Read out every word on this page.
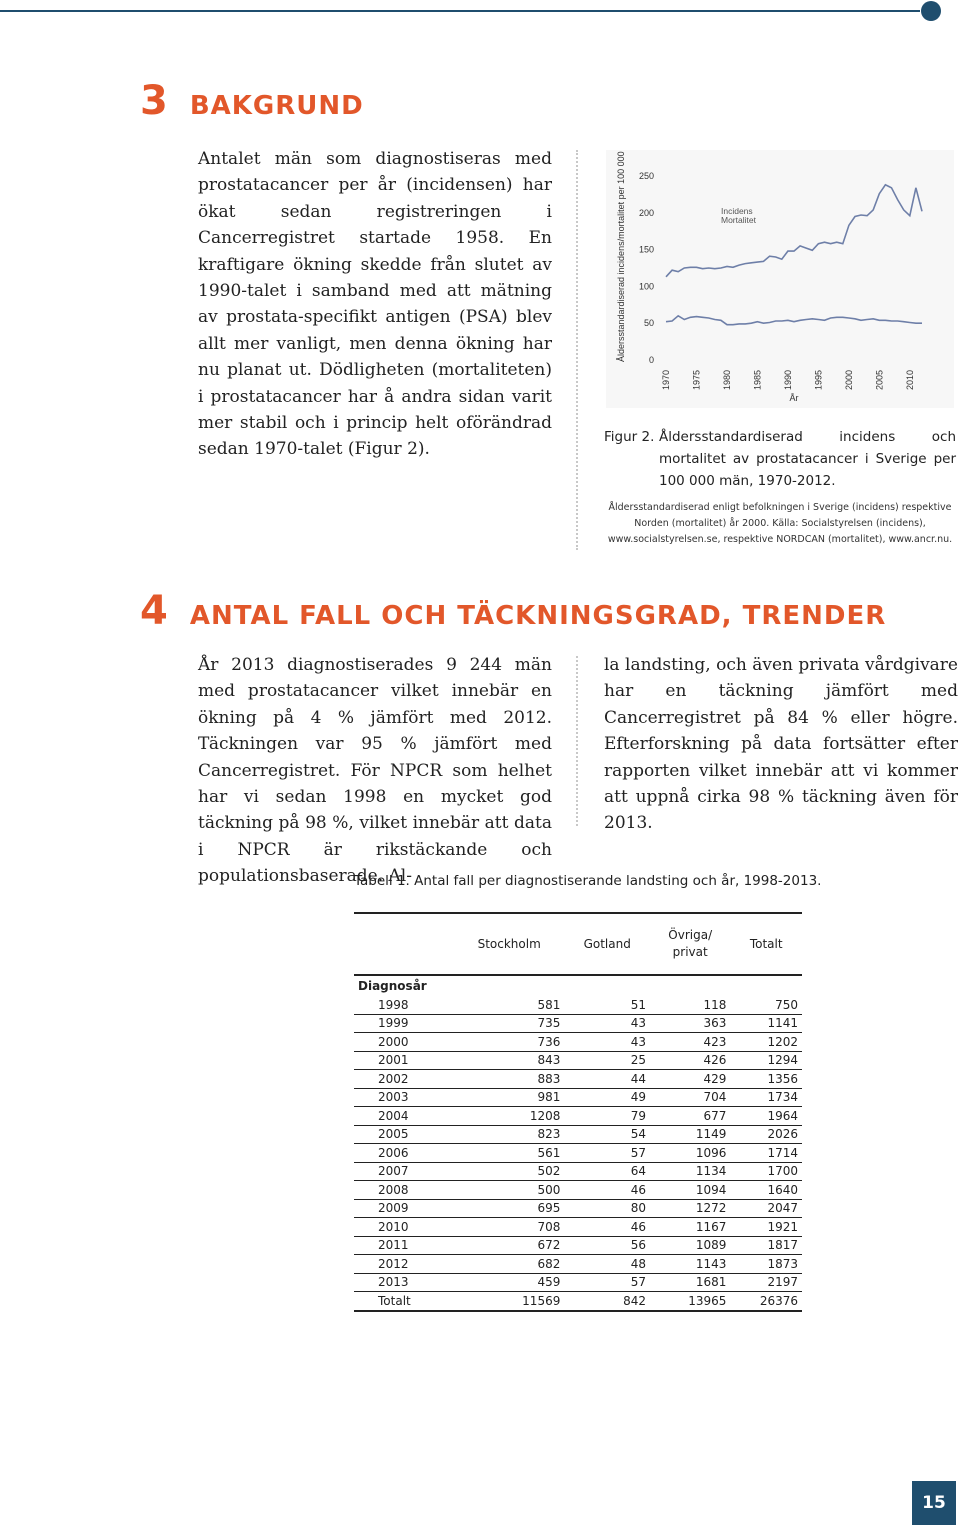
3 BAKGRUND
Antalet män som diagnostiseras med prostatacancer per år (incidensen) har ökat sedan registreringen i Cancerregistret startade 1958. En kraftigare ökning skedde från slutet av 1990-talet i samband med att mätning av prostata-specifikt antigen (PSA) blev allt mer vanligt, men denna ökning har nu planat ut. Dödligheten (mortaliteten) i prostatacancer har å andra sidan varit mer stabil och i princip helt oförändrad sedan 1970-talet (Figur 2).
Åldersstandardiserad incidens/mortalitet per 100 000 män	0
50
100
150
200
250
1970 1975 1980 1985 1990 1995 2000 2005 2010
År
Incidens
Mortalitet
Figur 2. Åldersstandardiserad incidens och mortalitet av prostatacancer i Sverige per 100 000 män, 1970-2012.
Åldersstandardiserad enligt befolkningen i Sverige (incidens) respektive Norden (mortalitet) år 2000. Källa: Socialstyrelsen (incidens), www.socialstyrelsen.se, respektive NORDCAN (mortalitet), www.ancr.nu.
4 ANTAL FALL OCH TÄCKNINGSGRAD, TRENDER
År 2013 diagnostiserades 9 244 män med prostatacancer vilket innebär en ökning på 4 % jämfört med 2012. Täckningen var 95 % jämfört med Cancerregistret. För NPCR som helhet har vi sedan 1998 en mycket god täckning på 98 %, vilket innebär att data i NPCR är rikstäckande och populationsbaserade. Al-
la landsting, och även privata vårdgivare har en täckning jämfört med Cancerregistret på 84 % eller högre. Efterforskning på data fortsätter efter rapporten vilket innebär att vi kommer att uppnå cirka 98 % täckning även för 2013.
Tabell 1. Antal fall per diagnostiserande landsting och år, 1998-2013.
	Stockholm	Gotland	Övriga/
privat	Totalt
Diagnosår				
1998	581	51	118	750
1999	735	43	363	1141
2000	736	43	423	1202
2001	843	25	426	1294
2002	883	44	429	1356
2003	981	49	704	1734
2004	1208	79	677	1964
2005	823	54	1149	2026
2006	561	57	1096	1714
2007	502	64	1134	1700
2008	500	46	1094	1640
2009	695	80	1272	2047
2010	708	46	1167	1921
2011	672	56	1089	1817
2012	682	48	1143	1873
2013	459	57	1681	2197
Totalt	11569	842	13965	26376
15
